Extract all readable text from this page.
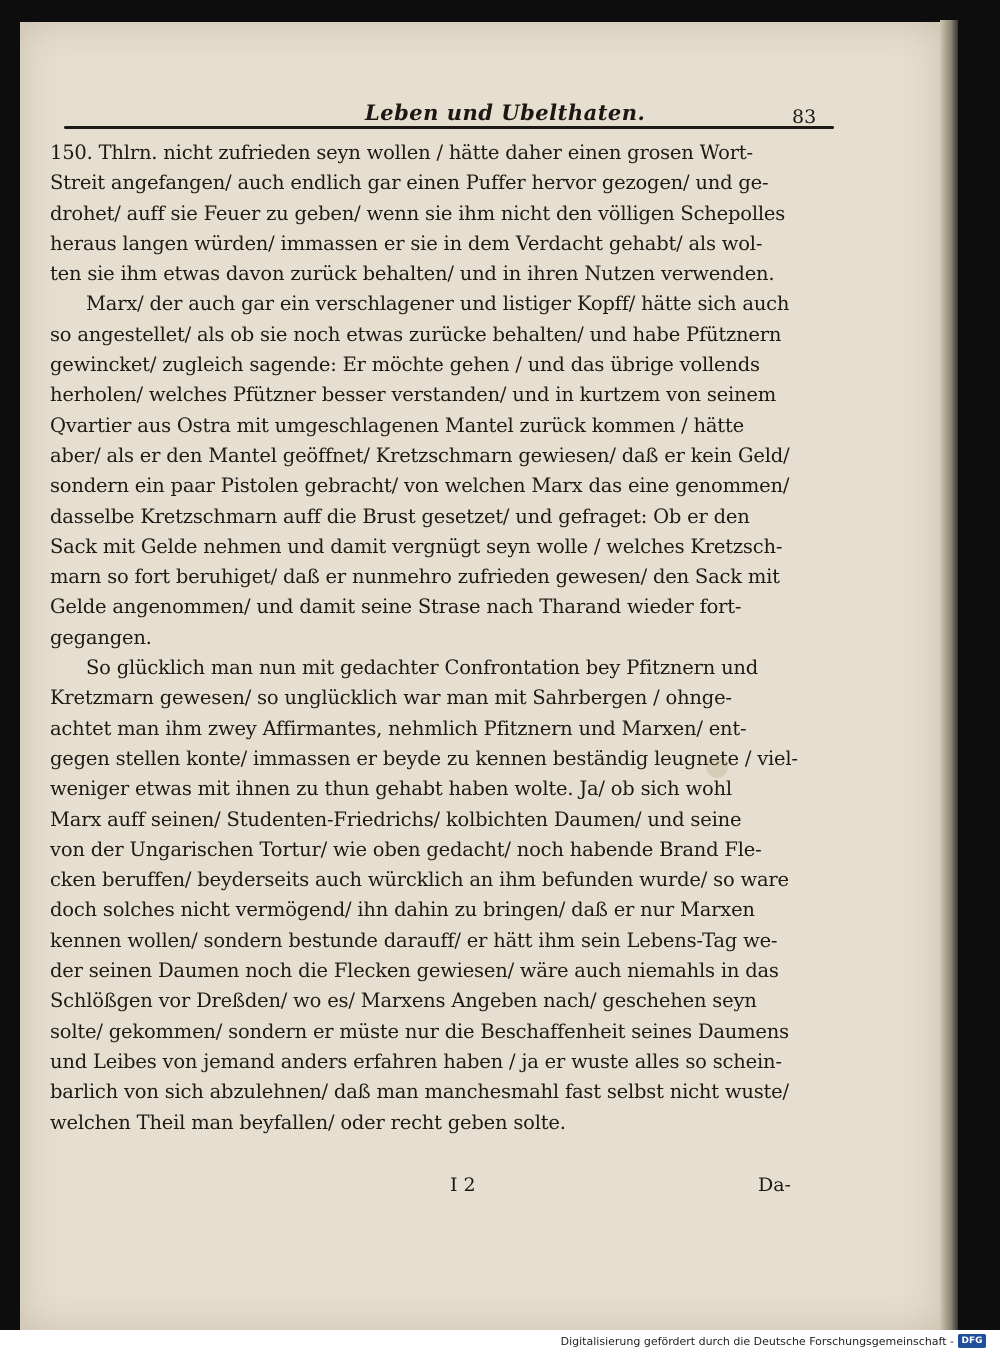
Leben und Ubelthaten.	83
150. Thlrn. nicht zufrieden seyn wollen / hätte daher einen grosen Wort-
Streit angefangen/ auch endlich gar einen Puffer hervor gezogen/ und ge-
drohet/ auff sie Feuer zu geben/ wenn sie ihm nicht den völligen Schepolles
heraus langen würden/ immassen er sie in dem Verdacht gehabt/ als wol-
ten sie ihm etwas davon zurück behalten/ und in ihren Nutzen verwenden.
Marx/ der auch gar ein verschlagener und listiger Kopff/ hätte sich auch
so angestellet/ als ob sie noch etwas zurücke behalten/ und habe Pfütznern
gewincket/ zugleich sagende: Er möchte gehen / und das übrige vollends
herholen/ welches Pfützner besser verstanden/ und in kurtzem von seinem
Qvartier aus Ostra mit umgeschlagenen Mantel zurück kommen / hätte
aber/ als er den Mantel geöffnet/ Kretzschmarn gewiesen/ daß er kein Geld/
sondern ein paar Pistolen gebracht/ von welchen Marx das eine genommen/
dasselbe Kretzschmarn auff die Brust gesetzet/ und gefraget: Ob er den
Sack mit Gelde nehmen und damit vergnügt seyn wolle / welches Kretzsch-
marn so fort beruhiget/ daß er nunmehro zufrieden gewesen/ den Sack mit
Gelde angenommen/ und damit seine Strase nach Tharand wieder fort-
gegangen.
So glücklich man nun mit gedachter Confrontation bey Pfitznern und
Kretzmarn gewesen/ so unglücklich war man mit Sahrbergen / ohnge-
achtet man ihm zwey Affirmantes, nehmlich Pfitznern und Marxen/ ent-
gegen stellen konte/ immassen er beyde zu kennen beständig leugnete / viel-
weniger etwas mit ihnen zu thun gehabt haben wolte. Ja/ ob sich wohl
Marx auff seinen/ Studenten-Friedrichs/ kolbichten Daumen/ und seine
von der Ungarischen Tortur/ wie oben gedacht/ noch habende Brand Fle-
cken beruffen/ beyderseits auch würcklich an ihm befunden wurde/ so ware
doch solches nicht vermögend/ ihn dahin zu bringen/ daß er nur Marxen
kennen wollen/ sondern bestunde darauff/ er hätt ihm sein Lebens-Tag we-
der seinen Daumen noch die Flecken gewiesen/ wäre auch niemahls in das
Schlößgen vor Dreßden/ wo es/ Marxens Angeben nach/ geschehen seyn
solte/ gekommen/ sondern er müste nur die Beschaffenheit seines Daumens
und Leibes von jemand anders erfahren haben / ja er wuste alles so schein-
barlich von sich abzulehnen/ daß man manchesmahl fast selbst nicht wuste/
welchen Theil man beyfallen/ oder recht geben solte.
I 2	Da-
Digitalisierung gefördert durch die Deutsche Forschungsgemeinschaft - DFG
